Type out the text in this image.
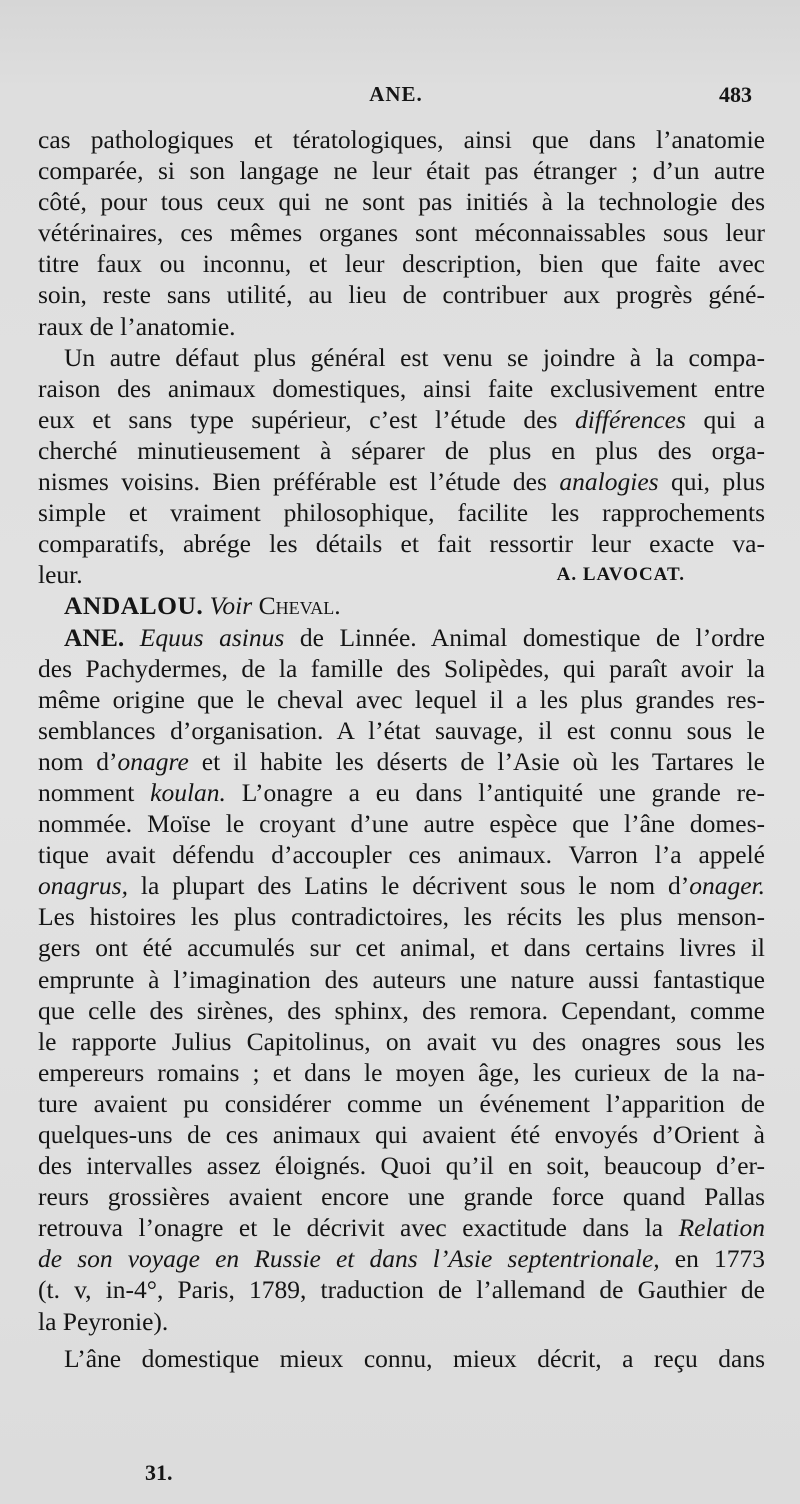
ANE.	483

cas pathologiques et tératologiques, ainsi que dans l’anatomie
comparée, si son langage ne leur était pas étranger ; d’un autre
côté, pour tous ceux qui ne sont pas initiés à la technologie des
vétérinaires, ces mêmes organes sont méconnaissables sous leur
titre faux ou inconnu, et leur description, bien que faite avec
soin, reste sans utilité, au lieu de contribuer aux progrès géné-
raux de l’anatomie.

Un autre défaut plus général est venu se joindre à la compa-
raison des animaux domestiques, ainsi faite exclusivement entre
eux et sans type supérieur, c’est l’étude des différences qui a
cherché minutieusement à séparer de plus en plus des orga-
nismes voisins. Bien préférable est l’étude des analogies qui, plus
simple et vraiment philosophique, facilite les rapprochements
comparatifs, abrége les détails et fait ressortir leur exacte va-
leur.	A. LAVOCAT.

ANDALOU. Voir Cheval.

ANE. Equus asinus de Linnée. Animal domestique de l’ordre
des Pachydermes, de la famille des Solipèdes, qui paraît avoir la
même origine que le cheval avec lequel il a les plus grandes res-
semblances d’organisation. A l’état sauvage, il est connu sous le
nom d’onagre et il habite les déserts de l’Asie où les Tartares le
nomment koulan. L’onagre a eu dans l’antiquité une grande re-
nommée. Moïse le croyant d’une autre espèce que l’âne domes-
tique avait défendu d’accoupler ces animaux. Varron l’a appelé
onagrus, la plupart des Latins le décrivent sous le nom d’onager.
Les histoires les plus contradictoires, les récits les plus menson-
gers ont été accumulés sur cet animal, et dans certains livres il
emprunte à l’imagination des auteurs une nature aussi fantastique
que celle des sirènes, des sphinx, des remora. Cependant, comme
le rapporte Julius Capitolinus, on avait vu des onagres sous les
empereurs romains ; et dans le moyen âge, les curieux de la na-
ture avaient pu considérer comme un événement l’apparition de
quelques-uns de ces animaux qui avaient été envoyés d’Orient à
des intervalles assez éloignés. Quoi qu’il en soit, beaucoup d’er-
reurs grossières avaient encore une grande force quand Pallas
retrouva l’onagre et le décrivit avec exactitude dans la Relation
de son voyage en Russie et dans l’Asie septentrionale, en 1773
(t. v, in-4°, Paris, 1789, traduction de l’allemand de Gauthier de
la Peyronie).

L’âne domestique mieux connu, mieux décrit, a reçu dans

31.
